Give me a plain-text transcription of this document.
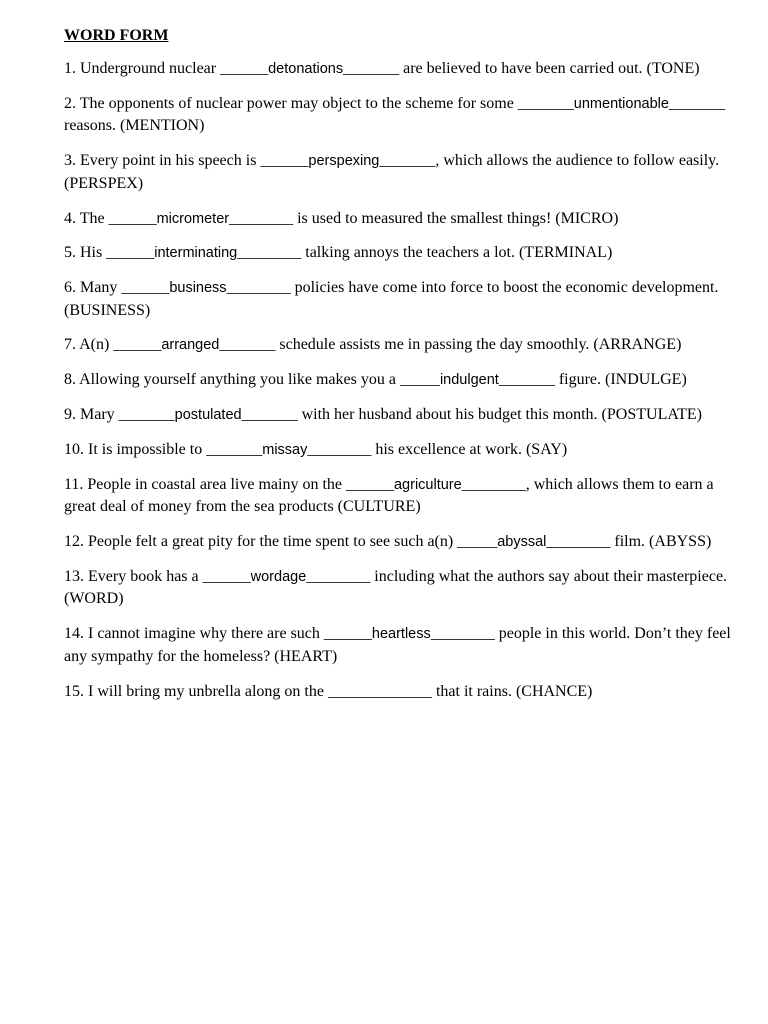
WORD FORM
1. Underground nuclear ______detonations_______ are believed to have been carried out. (TONE)
2. The opponents of nuclear power may object to the scheme for some _______unmentionable_______ reasons. (MENTION)
3. Every point in his speech is ______perspexing_______, which allows the audience to follow easily. (PERSPEX)
4. The ______micrometer________ is used to measured the smallest things! (MICRO)
5. His ______interminating________ talking annoys the teachers a lot. (TERMINAL)
6. Many ______business________ policies have come into force to boost the economic development. (BUSINESS)
7. A(n) ______arranged_______ schedule assists me in passing the day smoothly. (ARRANGE)
8. Allowing yourself anything you like makes you a _____indulgent_______ figure. (INDULGE)
9. Mary _______postulated_______ with her husband about his budget this month. (POSTULATE)
10. It is impossible to _______missay________ his excellence at work. (SAY)
11. People in coastal area live mainy on the ______agriculture________, which allows them to earn a great deal of money from the sea products (CULTURE)
12. People felt a great pity for the time spent to see such a(n) _____abyssal________ film. (ABYSS)
13. Every book has a ______wordage________ including what the authors say about their masterpiece. (WORD)
14. I cannot imagine why there are such ______heartless________ people in this world. Don’t they feel any sympathy for the homeless? (HEART)
15. I will bring my unbrella along on the _____________ that it rains. (CHANCE)
